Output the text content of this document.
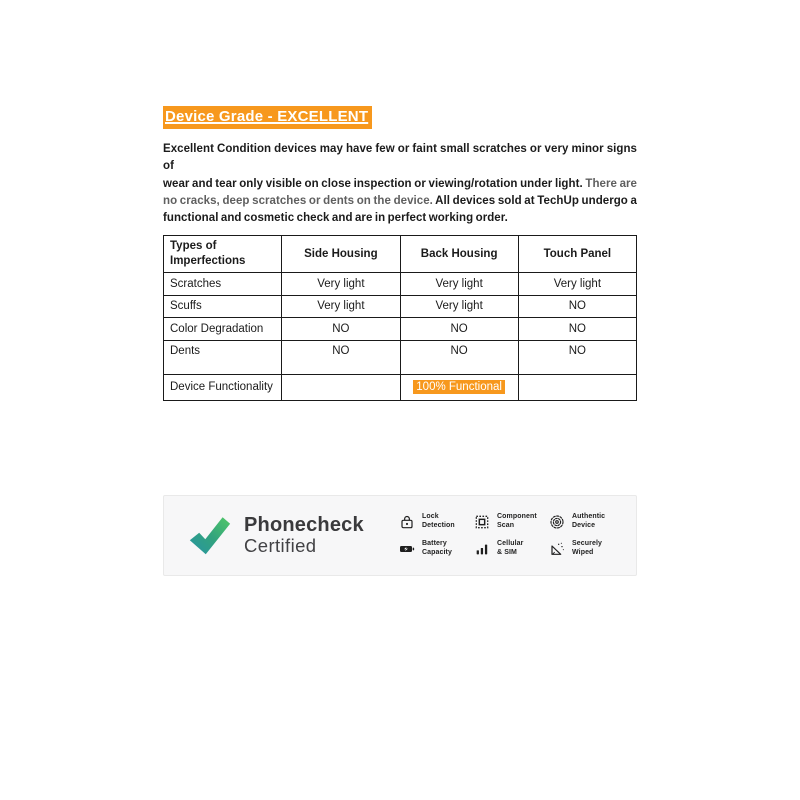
Device Grade - EXCELLENT
Excellent Condition devices may have few or faint small scratches or very minor signs of
wear and tear only visible on close inspection or viewing/rotation under light. There are
no cracks, deep scratches or dents on the device. All devices sold at TechUp undergo a
functional and cosmetic check and are in perfect working order.
Types of Imperfections	Side Housing	Back Housing	Touch Panel
Scratches	Very light	Very light	Very light
Scuffs	Very light	Very light	NO
Color Degradation	NO	NO	NO
Dents	NO	NO	NO
Device Functionality		100% Functional	
Phonecheck
Certified
Lock
Detection
Component
Scan
Authentic
Device
Battery
Capacity
Cellular
& SIM
Securely
Wiped
